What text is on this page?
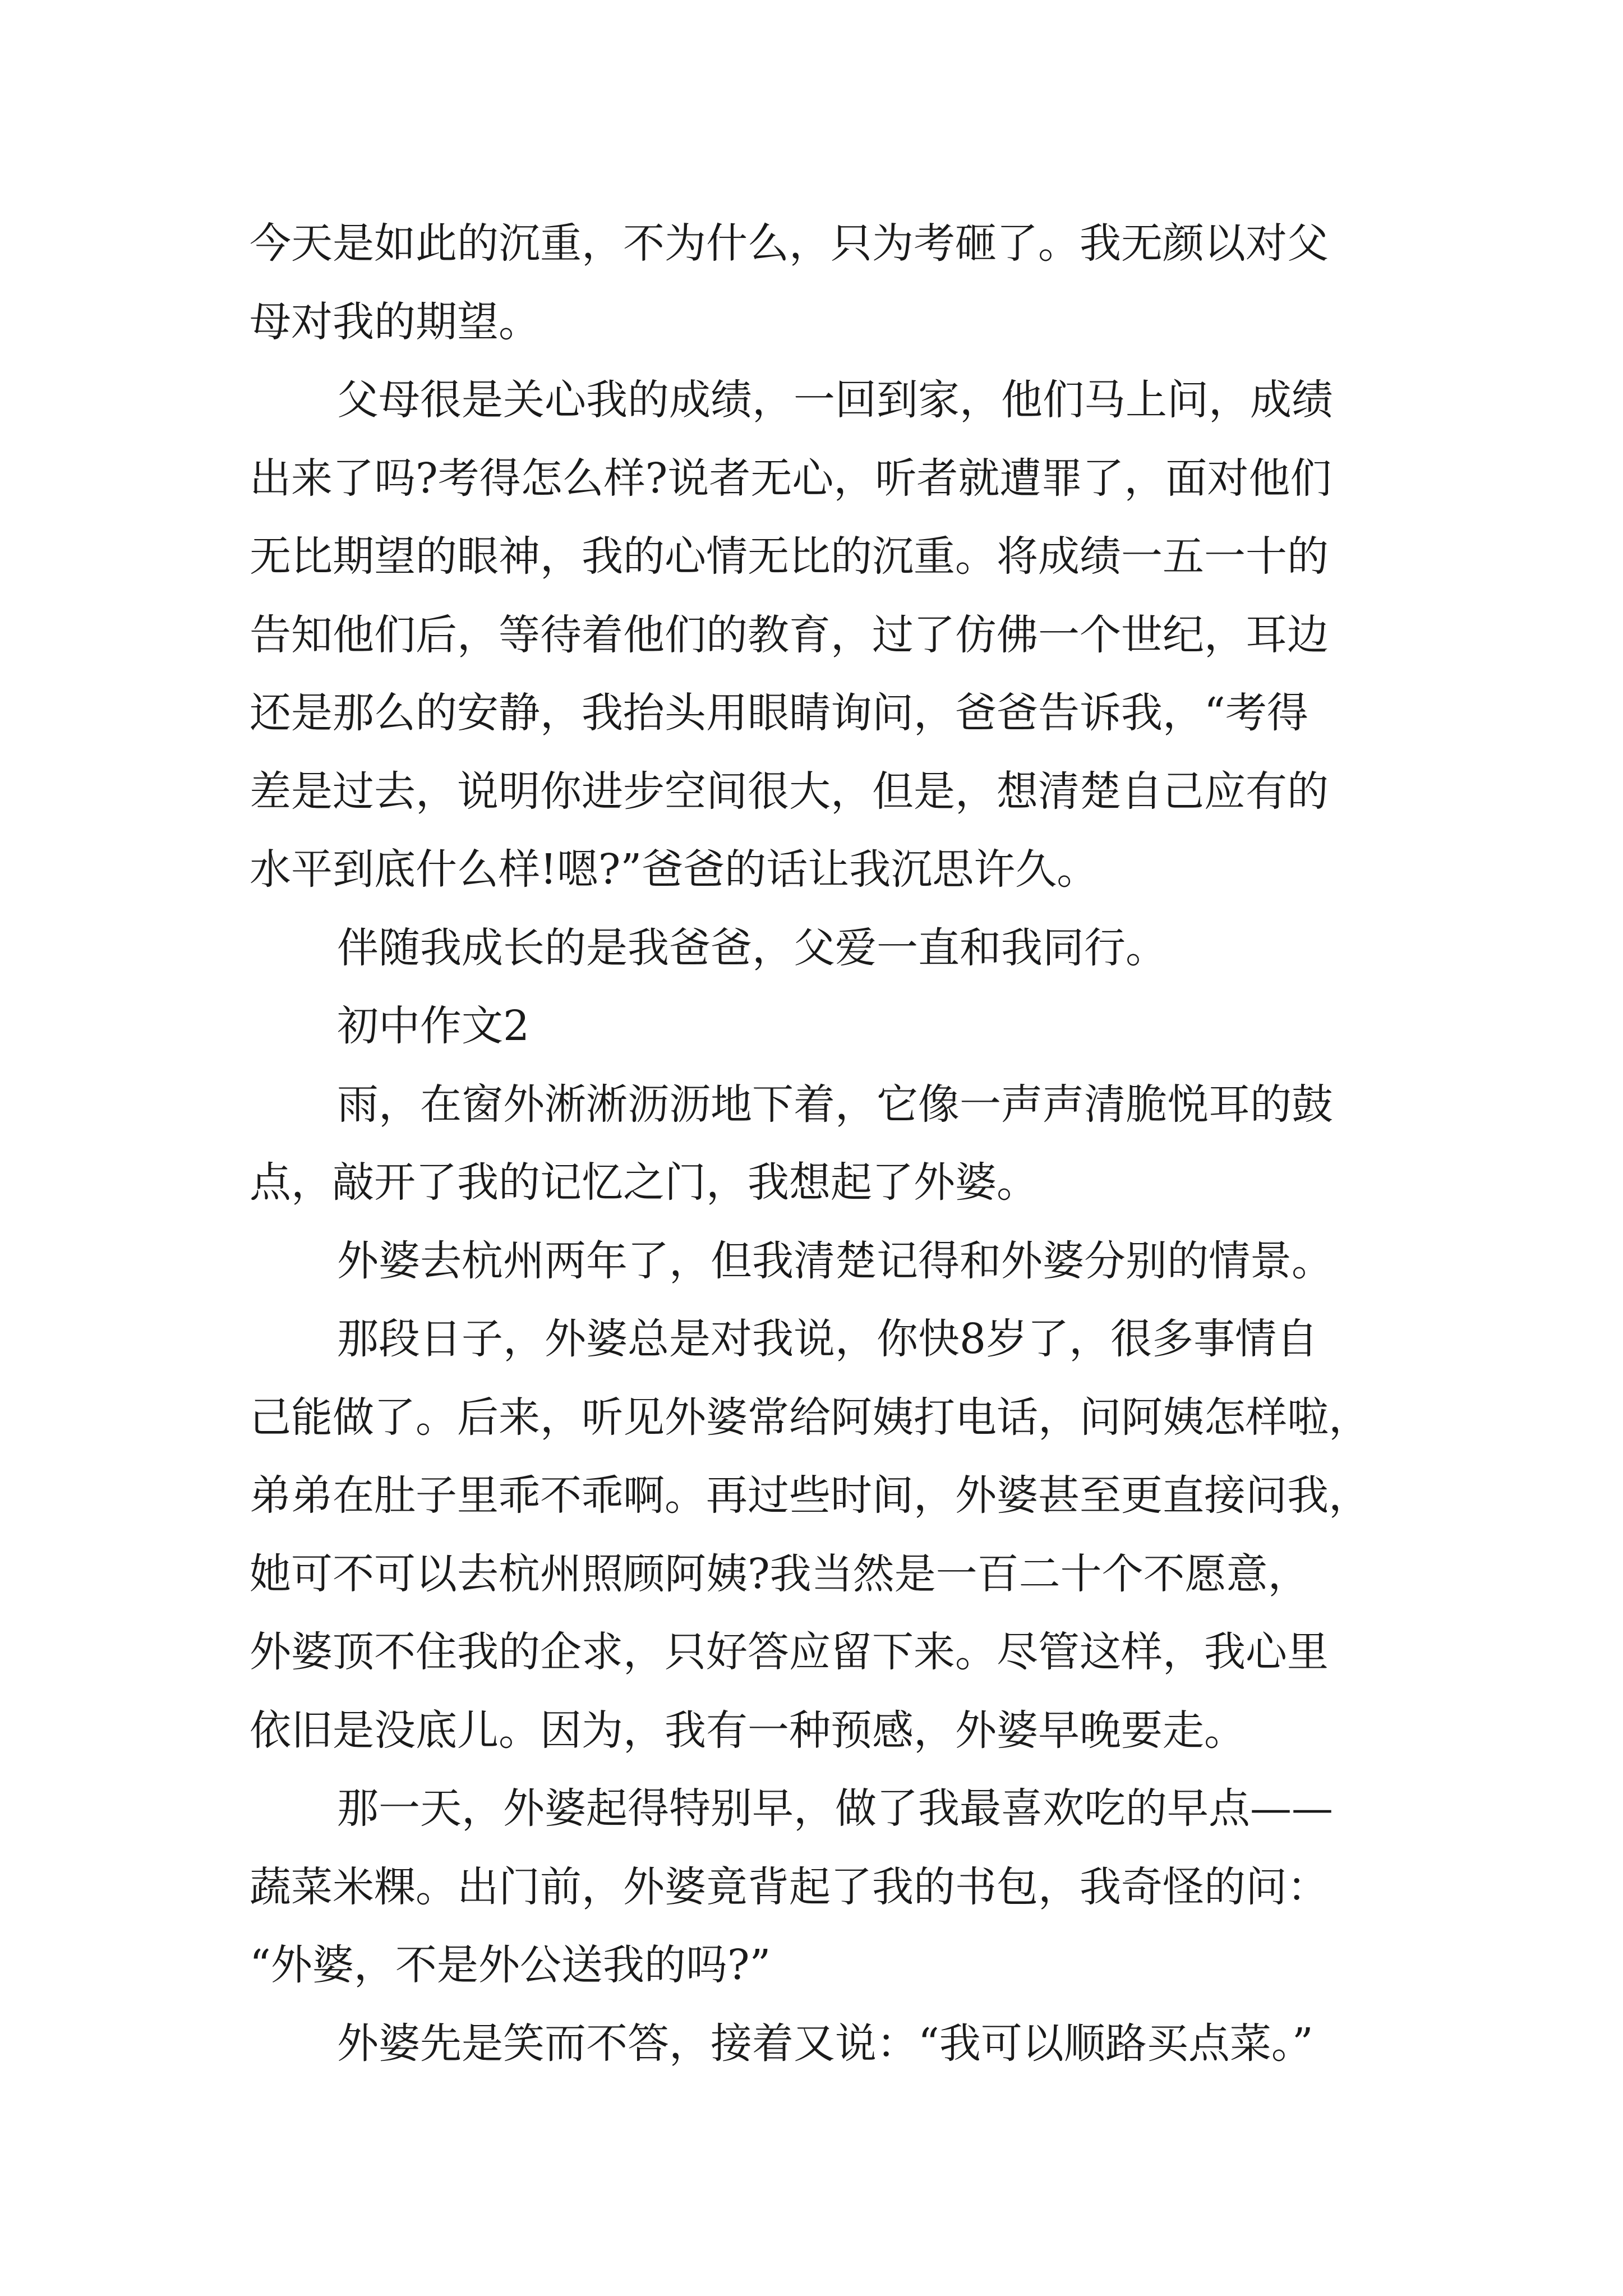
今天是如此的沉重，不为什么，只为考砸了。我无颜以对父
母对我的期望。
父母很是关心我的成绩，一回到家，他们马上问，成绩
出来了吗?考得怎么样?说者无心，听者就遭罪了，面对他们
无比期望的眼神，我的心情无比的沉重。将成绩一五一十的
告知他们后，等待着他们的教育，过了仿佛一个世纪，耳边
还是那么的安静，我抬头用眼睛询问，爸爸告诉我，“考得
差是过去，说明你进步空间很大，但是，想清楚自己应有的
水平到底什么样!嗯?”爸爸的话让我沉思许久。
伴随我成长的是我爸爸，父爱一直和我同行。
初中作文2
雨，在窗外淅淅沥沥地下着，它像一声声清脆悦耳的鼓
点，敲开了我的记忆之门，我想起了外婆。
外婆去杭州两年了，但我清楚记得和外婆分别的情景。
那段日子，外婆总是对我说，你快8岁了，很多事情自
己能做了。后来，听见外婆常给阿姨打电话，问阿姨怎样啦，
弟弟在肚子里乖不乖啊。再过些时间，外婆甚至更直接问我，
她可不可以去杭州照顾阿姨?我当然是一百二十个不愿意，
外婆顶不住我的企求，只好答应留下来。尽管这样，我心里
依旧是没底儿。因为，我有一种预感，外婆早晚要走。
那一天，外婆起得特别早，做了我最喜欢吃的早点——
蔬菜米粿。出门前，外婆竟背起了我的书包，我奇怪的问：
“外婆，不是外公送我的吗?”
外婆先是笑而不答，接着又说：“我可以顺路买点菜。”
